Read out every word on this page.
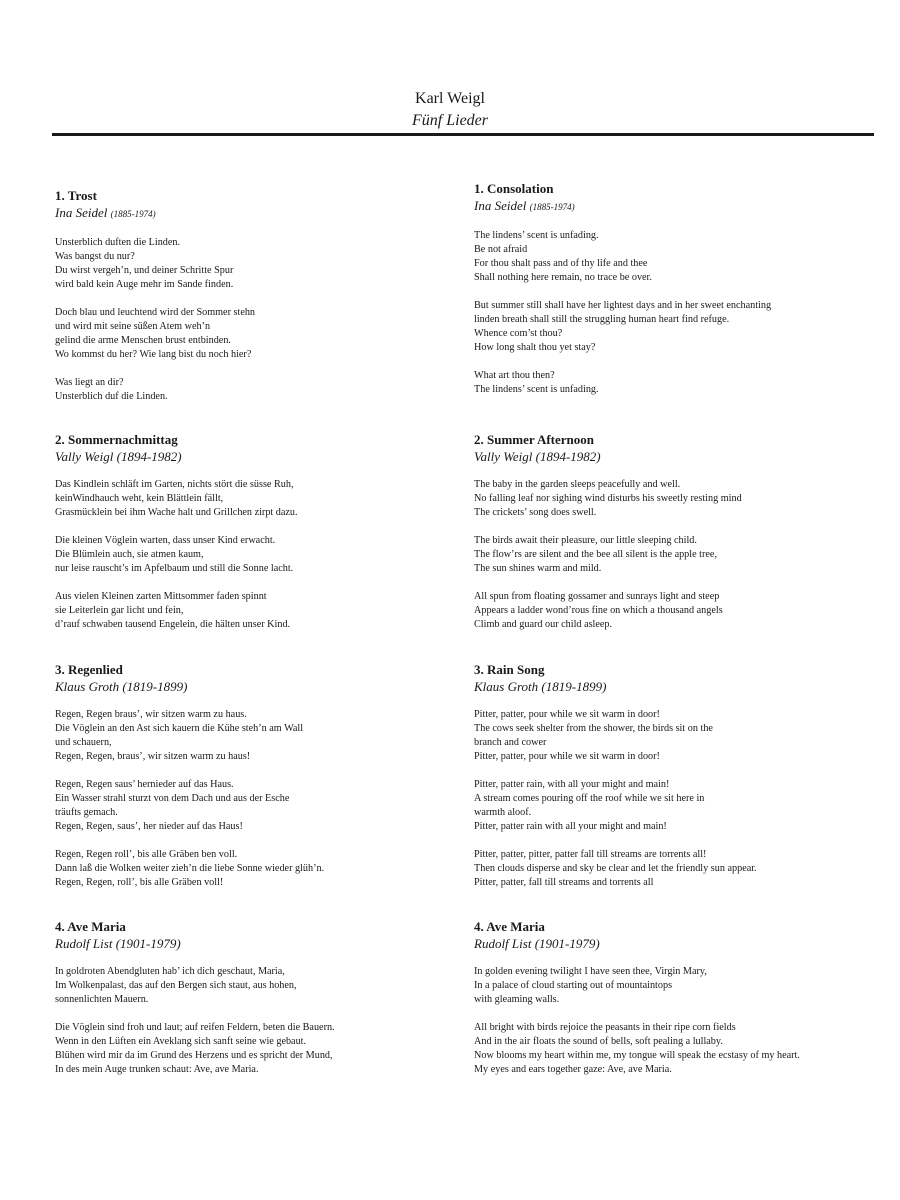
Karl Weigl
Fünf Lieder
1. Trost
Ina Seidel (1885-1974)
Unsterblich duften die Linden.
Was bangst du nur?
Du wirst vergeh’n, und deiner Schritte Spur
wird bald kein Auge mehr im Sande finden.
Doch blau und leuchtend wird der Sommer stehn
und wird mit seine süßen Atem weh’n
gelind die arme Menschen brust entbinden.
Wo kommst du her? Wie lang bist du noch hier?
Was liegt an dir?
Unsterblich duf die Linden.
1. Consolation
Ina Seidel (1885-1974)
The lindens’ scent is unfading.
Be not afraid
For thou shalt pass and of thy life and thee
Shall nothing here remain, no trace be over.
But summer still shall have her lightest days and in her sweet enchanting
linden breath shall still the struggling human heart find refuge.
Whence com’st thou?
How long shalt thou yet stay?
What art thou then?
The lindens’ scent is unfading.
2. Sommernachmittag
Vally Weigl (1894-1982)
Das Kindlein schläft im Garten, nichts stört die süsse Ruh,
keinWindhauch weht, kein Blättlein fällt,
Grasmücklein bei ihm Wache halt und Grillchen zirpt dazu.
Die kleinen Vöglein warten, dass unser Kind erwacht.
Die Blümlein auch, sie atmen kaum,
nur leise rauscht’s im Apfelbaum und still die Sonne lacht.
Aus vielen Kleinen zarten Mittsommer faden spinnt
sie Leiterlein gar licht und fein,
d’rauf schwaben tausend Engelein, die hälten unser Kind.
2. Summer Afternoon
Vally Weigl (1894-1982)
The baby in the garden sleeps peacefully and well.
No falling leaf nor sighing wind disturbs his sweetly resting mind
The crickets’ song does swell.
The birds await their pleasure, our little sleeping child.
The flow’rs are silent and the bee all silent is the apple tree,
The sun shines warm and mild.
All spun from floating gossamer and sunrays light and steep
Appears a ladder wond’rous fine on which a thousand angels
Climb and guard our child asleep.
3. Regenlied
Klaus Groth (1819-1899)
Regen, Regen braus’, wir sitzen warm zu haus.
Die Vöglein an den Ast sich kauern die Kühe steh’n am Wall
und schauern,
Regen, Regen, braus’, wir sitzen warm zu haus!
Regen, Regen saus’ hernieder auf das Haus.
Ein Wasser strahl sturzt von dem Dach und aus der Esche
träufts gemach.
Regen, Regen, saus’, her nieder auf das Haus!
Regen, Regen roll’, bis alle Gräben ben voll.
Dann laß die Wolken weiter zieh’n die liebe Sonne wieder glüh’n.
Regen, Regen, roll’, bis alle Gräben voll!
3. Rain Song
Klaus Groth (1819-1899)
Pitter, patter, pour while we sit warm in door!
The cows seek shelter from the shower, the birds sit on the
branch and cower
Pitter, patter, pour while we sit warm in door!
Pitter, patter rain, with all your might and main!
A stream comes pouring off the roof while we sit here in
warmth aloof.
Pitter, patter rain with all your might and main!
Pitter, patter, pitter, patter fall till streams are torrents all!
Then clouds disperse and sky be clear and let the friendly sun appear.
Pitter, patter, fall till streams and torrents all
4. Ave Maria
Rudolf List (1901-1979)
In goldroten Abendgluten hab’ ich dich geschaut, Maria,
Im Wolkenpalast, das auf den Bergen sich staut, aus hohen,
sonnenlichten Mauern.
Die Vöglein sind froh und laut; auf reifen Feldern, beten die Bauern.
Wenn in den Lüften ein Aveklang sich sanft seine wie gebaut.
Blühen wird mir da im Grund des Herzens und es spricht der Mund,
In des mein Auge trunken schaut: Ave, ave Maria.
4. Ave Maria
Rudolf List (1901-1979)
In golden evening twilight I have seen thee, Virgin Mary,
In a palace of cloud starting out of mountaintops
with gleaming walls.
All bright with birds rejoice the peasants in their ripe corn fields
And in the air floats the sound of bells, soft pealing a lullaby.
Now blooms my heart within me, my tongue will speak the ecstasy of my heart.
My eyes and ears together gaze: Ave, ave Maria.
